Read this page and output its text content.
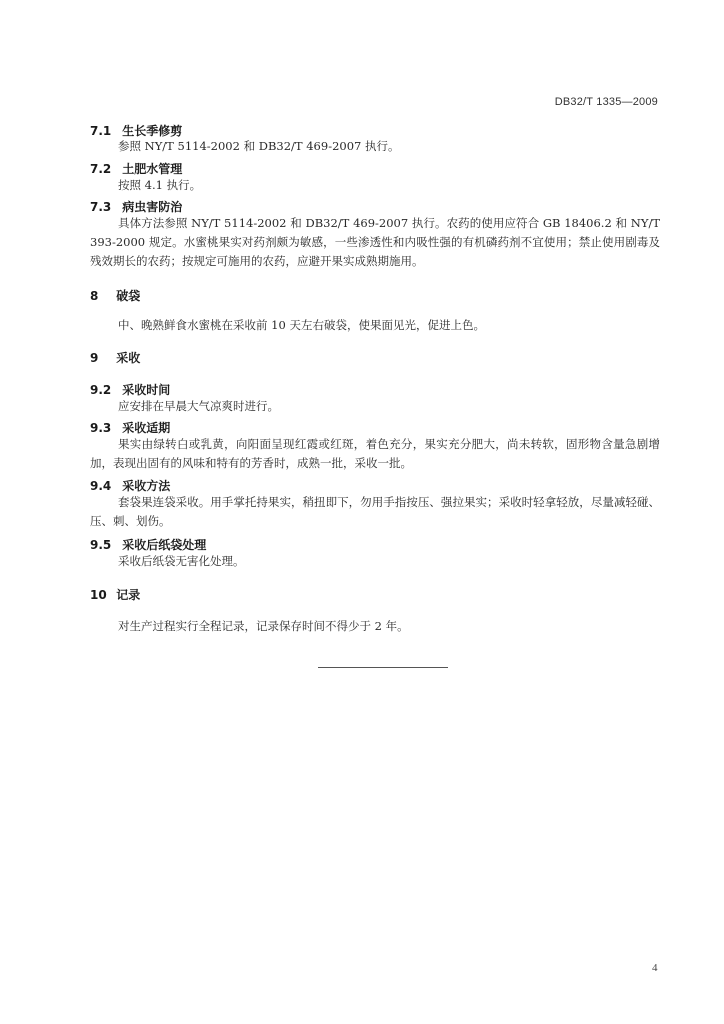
DB32/T 1335—2009
7.1 生长季修剪
参照 NY/T 5114-2002 和 DB32/T 469-2007 执行。
7.2 土肥水管理
按照 4.1 执行。
7.3 病虫害防治
具体方法参照 NY/T 5114-2002 和 DB32/T 469-2007 执行。农药的使用应符合 GB 18406.2 和 NY/T 393-2000 规定。水蜜桃果实对药剂颇为敏感，一些渗透性和内吸性强的有机磷药剂不宜使用；禁止使用剧毒及残效期长的农药；按规定可施用的农药，应避开果实成熟期施用。
8 破袋
中、晚熟鲜食水蜜桃在采收前 10 天左右破袋，使果面见光，促进上色。
9 采收
9.2 采收时间
应安排在早晨大气凉爽时进行。
9.3 采收适期
果实由绿转白或乳黄，向阳面呈现红霞或红斑，着色充分，果实充分肥大，尚未转软，固形物含量急剧增加，表现出固有的风味和特有的芳香时，成熟一批，采收一批。
9.4 采收方法
套袋果连袋采收。用手掌托持果实，稍扭即下，勿用手指按压、强拉果实；采收时轻拿轻放，尽量减轻碰、压、刺、划伤。
9.5 采收后纸袋处理
采收后纸袋无害化处理。
10 记录
对生产过程实行全程记录，记录保存时间不得少于 2 年。
4
